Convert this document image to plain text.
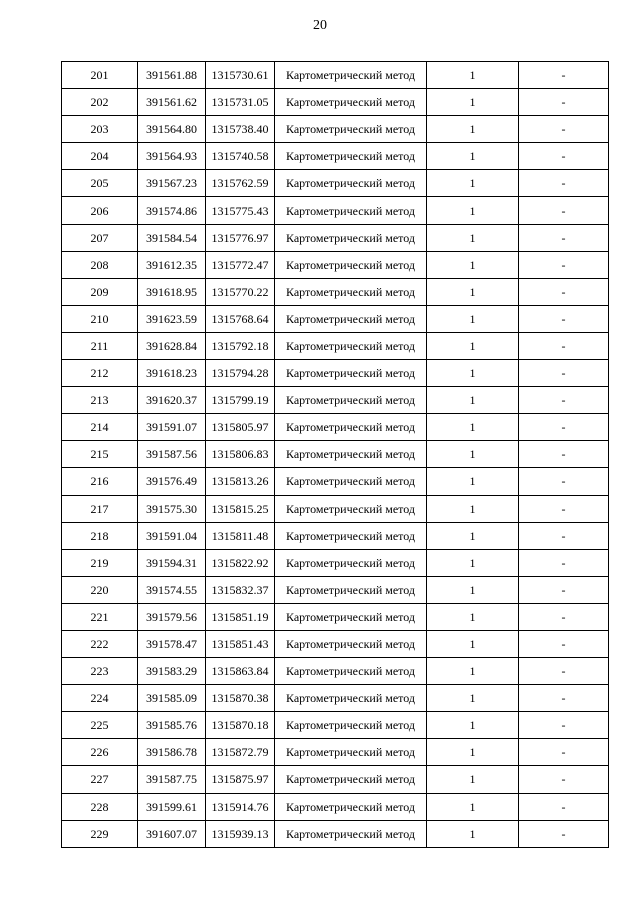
20
201	391561.88	1315730.61	Картометрический метод	1	-
202	391561.62	1315731.05	Картометрический метод	1	-
203	391564.80	1315738.40	Картометрический метод	1	-
204	391564.93	1315740.58	Картометрический метод	1	-
205	391567.23	1315762.59	Картометрический метод	1	-
206	391574.86	1315775.43	Картометрический метод	1	-
207	391584.54	1315776.97	Картометрический метод	1	-
208	391612.35	1315772.47	Картометрический метод	1	-
209	391618.95	1315770.22	Картометрический метод	1	-
210	391623.59	1315768.64	Картометрический метод	1	-
211	391628.84	1315792.18	Картометрический метод	1	-
212	391618.23	1315794.28	Картометрический метод	1	-
213	391620.37	1315799.19	Картометрический метод	1	-
214	391591.07	1315805.97	Картометрический метод	1	-
215	391587.56	1315806.83	Картометрический метод	1	-
216	391576.49	1315813.26	Картометрический метод	1	-
217	391575.30	1315815.25	Картометрический метод	1	-
218	391591.04	1315811.48	Картометрический метод	1	-
219	391594.31	1315822.92	Картометрический метод	1	-
220	391574.55	1315832.37	Картометрический метод	1	-
221	391579.56	1315851.19	Картометрический метод	1	-
222	391578.47	1315851.43	Картометрический метод	1	-
223	391583.29	1315863.84	Картометрический метод	1	-
224	391585.09	1315870.38	Картометрический метод	1	-
225	391585.76	1315870.18	Картометрический метод	1	-
226	391586.78	1315872.79	Картометрический метод	1	-
227	391587.75	1315875.97	Картометрический метод	1	-
228	391599.61	1315914.76	Картометрический метод	1	-
229	391607.07	1315939.13	Картометрический метод	1	-
